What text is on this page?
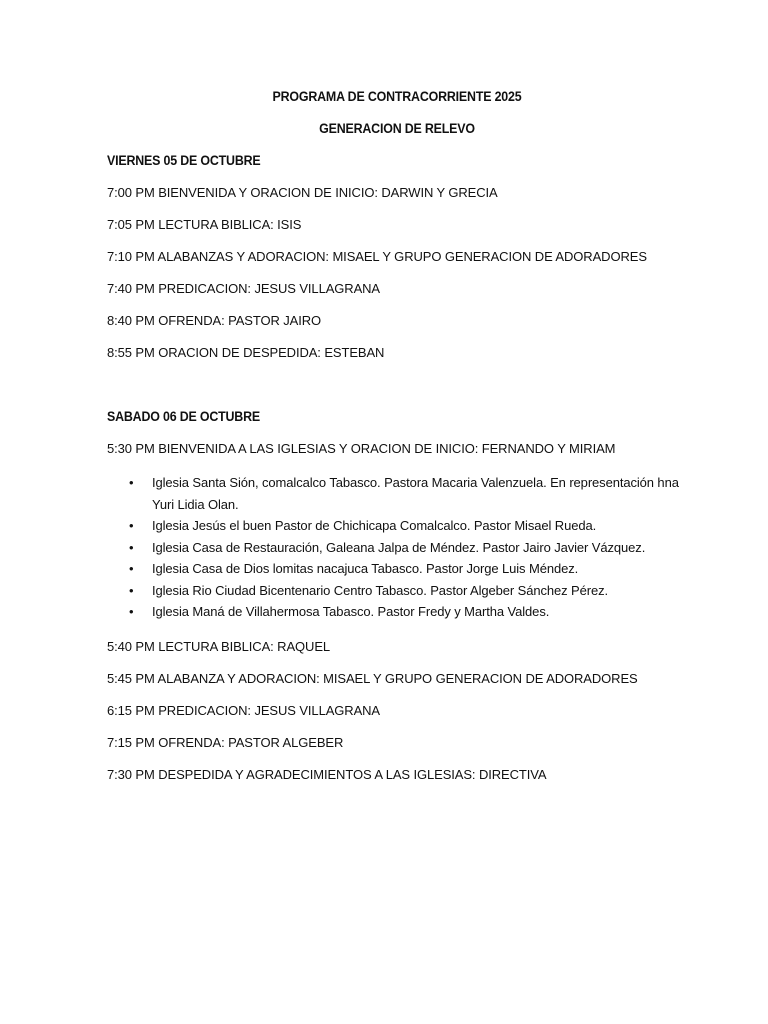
PROGRAMA DE CONTRACORRIENTE 2025
GENERACION DE RELEVO
VIERNES 05 DE OCTUBRE
7:00 PM BIENVENIDA Y ORACION DE INICIO: DARWIN Y GRECIA
7:05 PM LECTURA BIBLICA: ISIS
7:10 PM ALABANZAS Y ADORACION: MISAEL Y GRUPO GENERACION DE ADORADORES
7:40 PM PREDICACION: JESUS VILLAGRANA
8:40 PM OFRENDA: PASTOR JAIRO
8:55 PM ORACION DE DESPEDIDA: ESTEBAN
SABADO 06 DE OCTUBRE
5:30 PM BIENVENIDA A LAS IGLESIAS Y ORACION DE INICIO: FERNANDO Y MIRIAM
• Iglesia Santa Sión, comalcalco Tabasco. Pastora Macaria Valenzuela. En representación hna Yuri Lidia Olan.
• Iglesia Jesús el buen Pastor de Chichicapa Comalcalco. Pastor Misael Rueda.
• Iglesia Casa de Restauración, Galeana Jalpa de Méndez. Pastor Jairo Javier Vázquez.
• Iglesia Casa de Dios lomitas nacajuca Tabasco. Pastor Jorge Luis Méndez.
• Iglesia Rio Ciudad Bicentenario Centro Tabasco. Pastor Algeber Sánchez Pérez.
• Iglesia Maná de Villahermosa Tabasco. Pastor Fredy y Martha Valdes.
5:40 PM LECTURA BIBLICA: RAQUEL
5:45 PM ALABANZA Y ADORACION: MISAEL Y GRUPO GENERACION DE ADORADORES
6:15 PM PREDICACION: JESUS VILLAGRANA
7:15 PM OFRENDA: PASTOR ALGEBER
7:30 PM DESPEDIDA Y AGRADECIMIENTOS A LAS IGLESIAS: DIRECTIVA
